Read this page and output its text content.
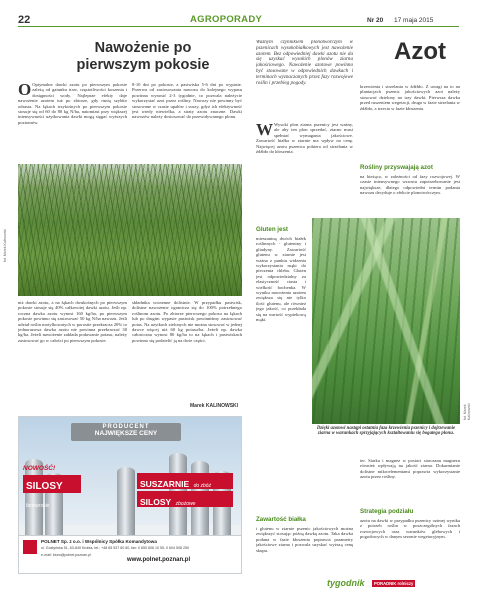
22	AGROPORADY	Nr 20 17 maja 2015
Nawożenie po
pierwszym pokosie
O Optymalne dawki azotu po pierwszym pokosie zależą od gatunku traw, częstotliwości koszenia i dostępności wody. Najlepsze efekty daje nawożenie azotem tuż po zbiorze, gdy runią szybko odrasta. Na łąkach trzykośnych po pierwszym pokosie stosuje się od 60 do 80 kg N/ha, natomiast przy większej intensywności użytkowania dawki mogą sięgać wyższych poziomów.
8-10 dni po pokosie, a pastwiska 5-6 dni po wypasie. Przerwa od zastosowania nawozu do kolejnego wypasu powinna wynosić 2-3 tygodnie, co pozwala należycie wykorzystać azot przez rośliny. Nawozy nie powinny być stosowane w czasie upałów i suszy, gdyż ich efektywność jest wtedy niewielka, a straty azotu znaczne. Dawki nawozów należy dostosować do przewidywanego plonu.
fot. Marek Kalinowski
niż dawki azotu, a na łąkach dwukośnych po pierwszym pokosie stosuje się 40% całkowitej dawki azotu. Jeśli np. roczna dawka azotu wynosi 160 kg/ha, po pierwszym pokosie powinno się zastosować 50 kg N/ha nawozu. Jeśli udział roślin motylkowatych w porostie przekracza 20% to jednorazowa dawka azotu nie powinna przekraczać 30 kg/ha. Jeżeli nawożenie zakłada podawanie potasu, należy zastosować go w całości po pierwszym pokosie.
składnika wiosenne dolistnie. W przypadku pastwisk, dolistne nawożenie ogranicza się do 100% potrzebnego roślinom azotu. Po zbiorze pierwszego pokosu na łąkach lub po drugim wypasie pastwisk powinniśmy zastosować potas. Na użytkach zielonych nie można stosować w jednej dawce więcej niż 60 kg potasu/ha. Jeżeli np. dawka całoroczna wynosi 80 kg/ha to na łąkach i pastwiskach powinno się podzielić ją na dwie części.
Marek KALINOWSKI
PRODUCENT
NAJWIĘKSZE CENY
NOWOŚĆ!
SILOSY farmerskie
SUSZARNIE do zbóż
SILOSY zbożowe
POLNET Sp. z o.o. i Wspólnicy Spółka Komandytowa
ul. Gostyńska 51, 63-840 Krobia, tel.: +48 65 537 60 80, fax: 0 650 606 10 55, 0 604 508 250
e-mail: biuro@polnet.poznan.pl
www.polnet.poznan.pl
Ważnym czynnikiem plonotwórczym w pszenicach wysokobiałkowych jest nawożenie azotem. Bez odpowiedniej dawki azotu nie da się uzyskać wysokich plonów ziarna jakościowego. Nawożenie azotowe powinno być stosowane w odpowiednich dawkach i terminach wyznaczanych przez fazy rozwojowe roślin i przebieg pogody.
Azot
W Wysoki plon ziarna pszenicy jest ważny, ale aby ten plon sprzedać, ziarno musi spełniać wymagania jakościowe. Zawartość białka w ziarnie ma wpływ na cenę. Najwięcej azotu pszenica pobiera od strzelania w źdźbło do kłoszenia.
Gluten jest
mieszaniną dwóch białek roślinnych - gluteniny i gliadyny. Zawartość glutenu w ziarnie jest ważna z punktu widzenia wykorzystania mąki do pieczenia chleba. Gluten jest odpowiedzialny za elastyczność ciasta i wielkość bochenka. W wyniku nawożenia azotem zwiększa się nie tylko ilość glutenu, ale również jego jakość, co przekłada się na wartość wypiekową mąki.
krzewienia i strzelania w źdźbło. Z uwagi na to na plantacjach pszenic jakościowych azot należy stosować dzielony na trzy dawki. Pierwsza dawka przed ruszeniem wegetacji, druga w fazie strzelania w źdźbło, a trzecia w fazie kłoszenia.
Rośliny przyswajają azot
na bieżąco, w zależności od fazy rozwojowej. W czasie intensywnego wzrostu zapotrzebowanie jest największe, dlatego odpowiedni termin podania nawozu decyduje o efekcie plonotwórczym.
fot. Marek Kalinowski
Dzięki azotowi nastąpi ostatnia faza krzewienia pszenicy i dojrzewanie ziarna w warunkach sprzyjających kształtowaniu się bogatego plonu.
Zawartość białka
i glutenu w ziarnie pszenic jakościowych można zwiększyć stosując późną dawkę azotu. Taka dawka podana w fazie kłoszenia poprawia parametry jakościowe ziarna i pozwala uzyskać wyższą cenę skupu.
ter. Siarka i magnez w postaci siarczanu magnezu również wpływają na jakość ziarna. Dokarmianie dolistne mikroelementami poprawia wykorzystanie azotu przez rośliny.
Strategia podziału
azotu na dawki w przypadku pszenicy ozimej wynika z potrzeb roślin w poszczególnych fazach rozwojowych oraz warunków glebowych i pogodowych w danym sezonie wegetacyjnym.
tygodnik	PORADNIK rolniczy
